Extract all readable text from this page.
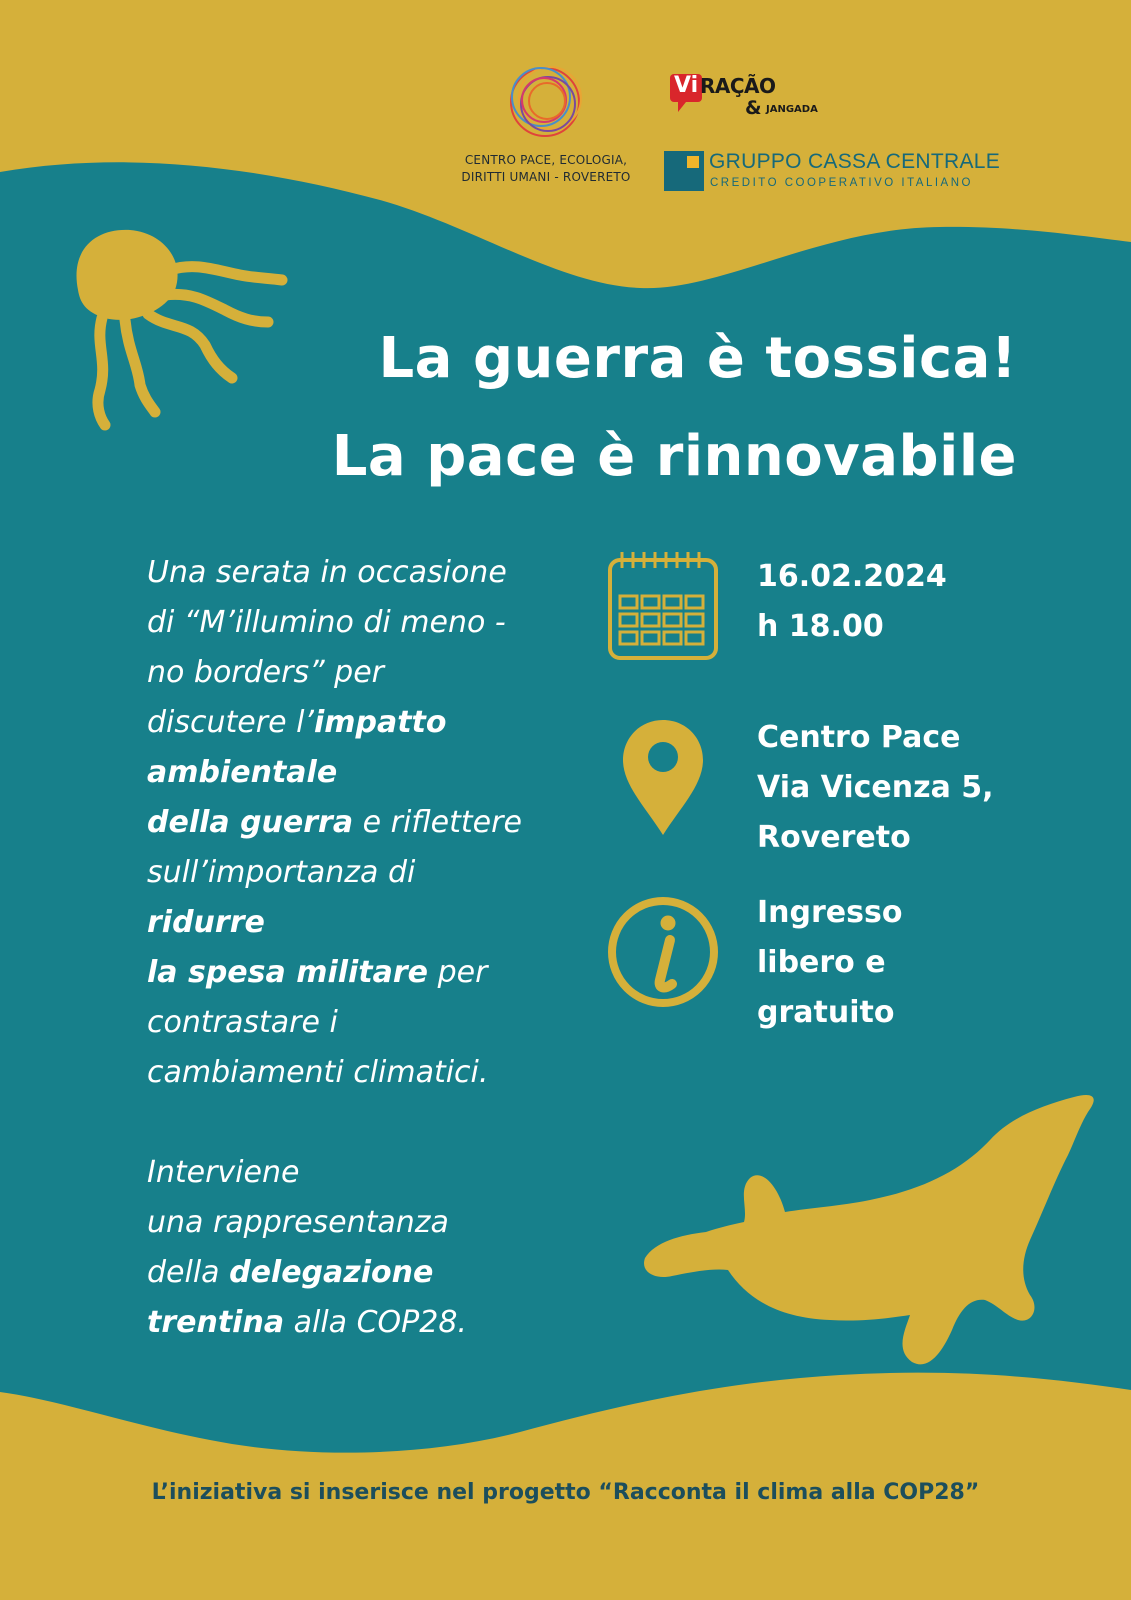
CENTRO PACE, ECOLOGIA,
DIRITTI UMANI - ROVERETO
Vi RAÇÃO
& JANGADA
GRUPPO CASSA CENTRALE
CREDITO COOPERATIVO ITALIANO
La guerra è tossica!
La pace è rinnovabile
Una serata in occasione
di “M’illumino di meno -
no borders” per
discutere l’impatto
ambientale
della guerra e riflettere
sull’importanza di
ridurre
la spesa militare per
contrastare i
cambiamenti climatici.
Interviene
una rappresentanza
della delegazione
trentina alla COP28.
16.02.2024
h 18.00
Centro Pace
Via Vicenza 5,
Rovereto
Ingresso
libero e
gratuito
L’iniziativa si inserisce nel progetto “Racconta il clima alla COP28”
